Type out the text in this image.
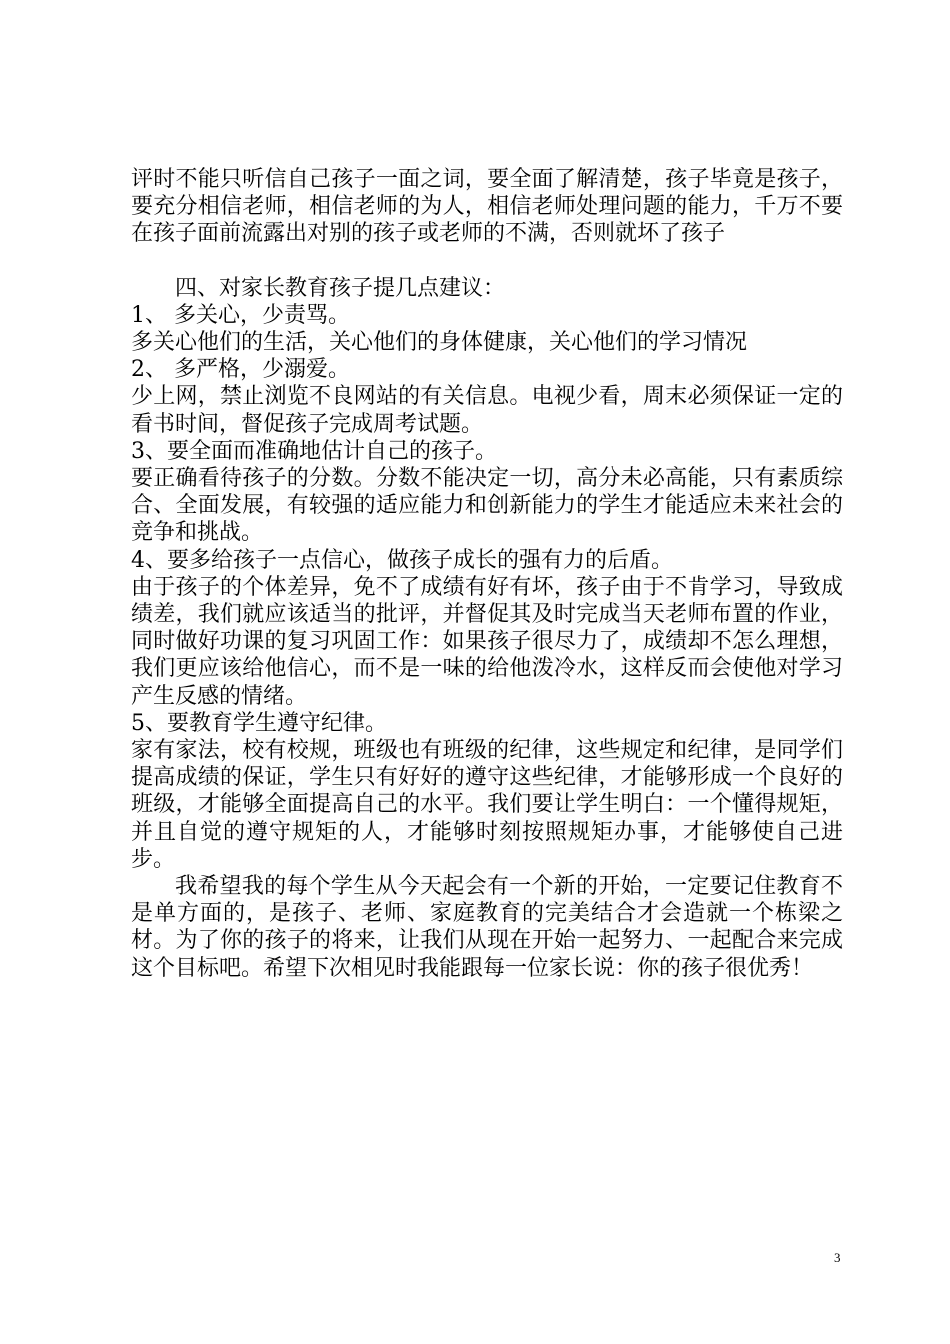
评时不能只听信自己孩子一面之词，要全面了解清楚，孩子毕竟是孩子，要充分相信老师，相信老师的为人，相信老师处理问题的能力，千万不要在孩子面前流露出对别的孩子或老师的不满，否则就坏了孩子

四、对家长教育孩子提几点建议：

1、 多关心，少责骂。

多关心他们的生活，关心他们的身体健康，关心他们的学习情况

2、 多严格，少溺爱。

少上网，禁止浏览不良网站的有关信息。电视少看，周末必须保证一定的看书时间，督促孩子完成周考试题。

3、要全面而准确地估计自己的孩子。

要正确看待孩子的分数。分数不能决定一切，高分未必高能，只有素质综合、全面发展，有较强的适应能力和创新能力的学生才能适应未来社会的竞争和挑战。

4、要多给孩子一点信心，做孩子成长的强有力的后盾。

由于孩子的个体差异，免不了成绩有好有坏，孩子由于不肯学习，导致成绩差，我们就应该适当的批评，并督促其及时完成当天老师布置的作业，同时做好功课的复习巩固工作：如果孩子很尽力了，成绩却不怎么理想，我们更应该给他信心，而不是一味的给他泼冷水，这样反而会使他对学习产生反感的情绪。

5、要教育学生遵守纪律。

家有家法，校有校规，班级也有班级的纪律，这些规定和纪律，是同学们提高成绩的保证，学生只有好好的遵守这些纪律，才能够形成一个良好的班级，才能够全面提高自己的水平。我们要让学生明白：一个懂得规矩，并且自觉的遵守规矩的人，才能够时刻按照规矩办事，才能够使自己进步。

我希望我的每个学生从今天起会有一个新的开始，一定要记住教育不是单方面的，是孩子、老师、家庭教育的完美结合才会造就一个栋梁之材。为了你的孩子的将来，让我们从现在开始一起努力、一起配合来完成这个目标吧。希望下次相见时我能跟每一位家长说：你的孩子很优秀！

3
